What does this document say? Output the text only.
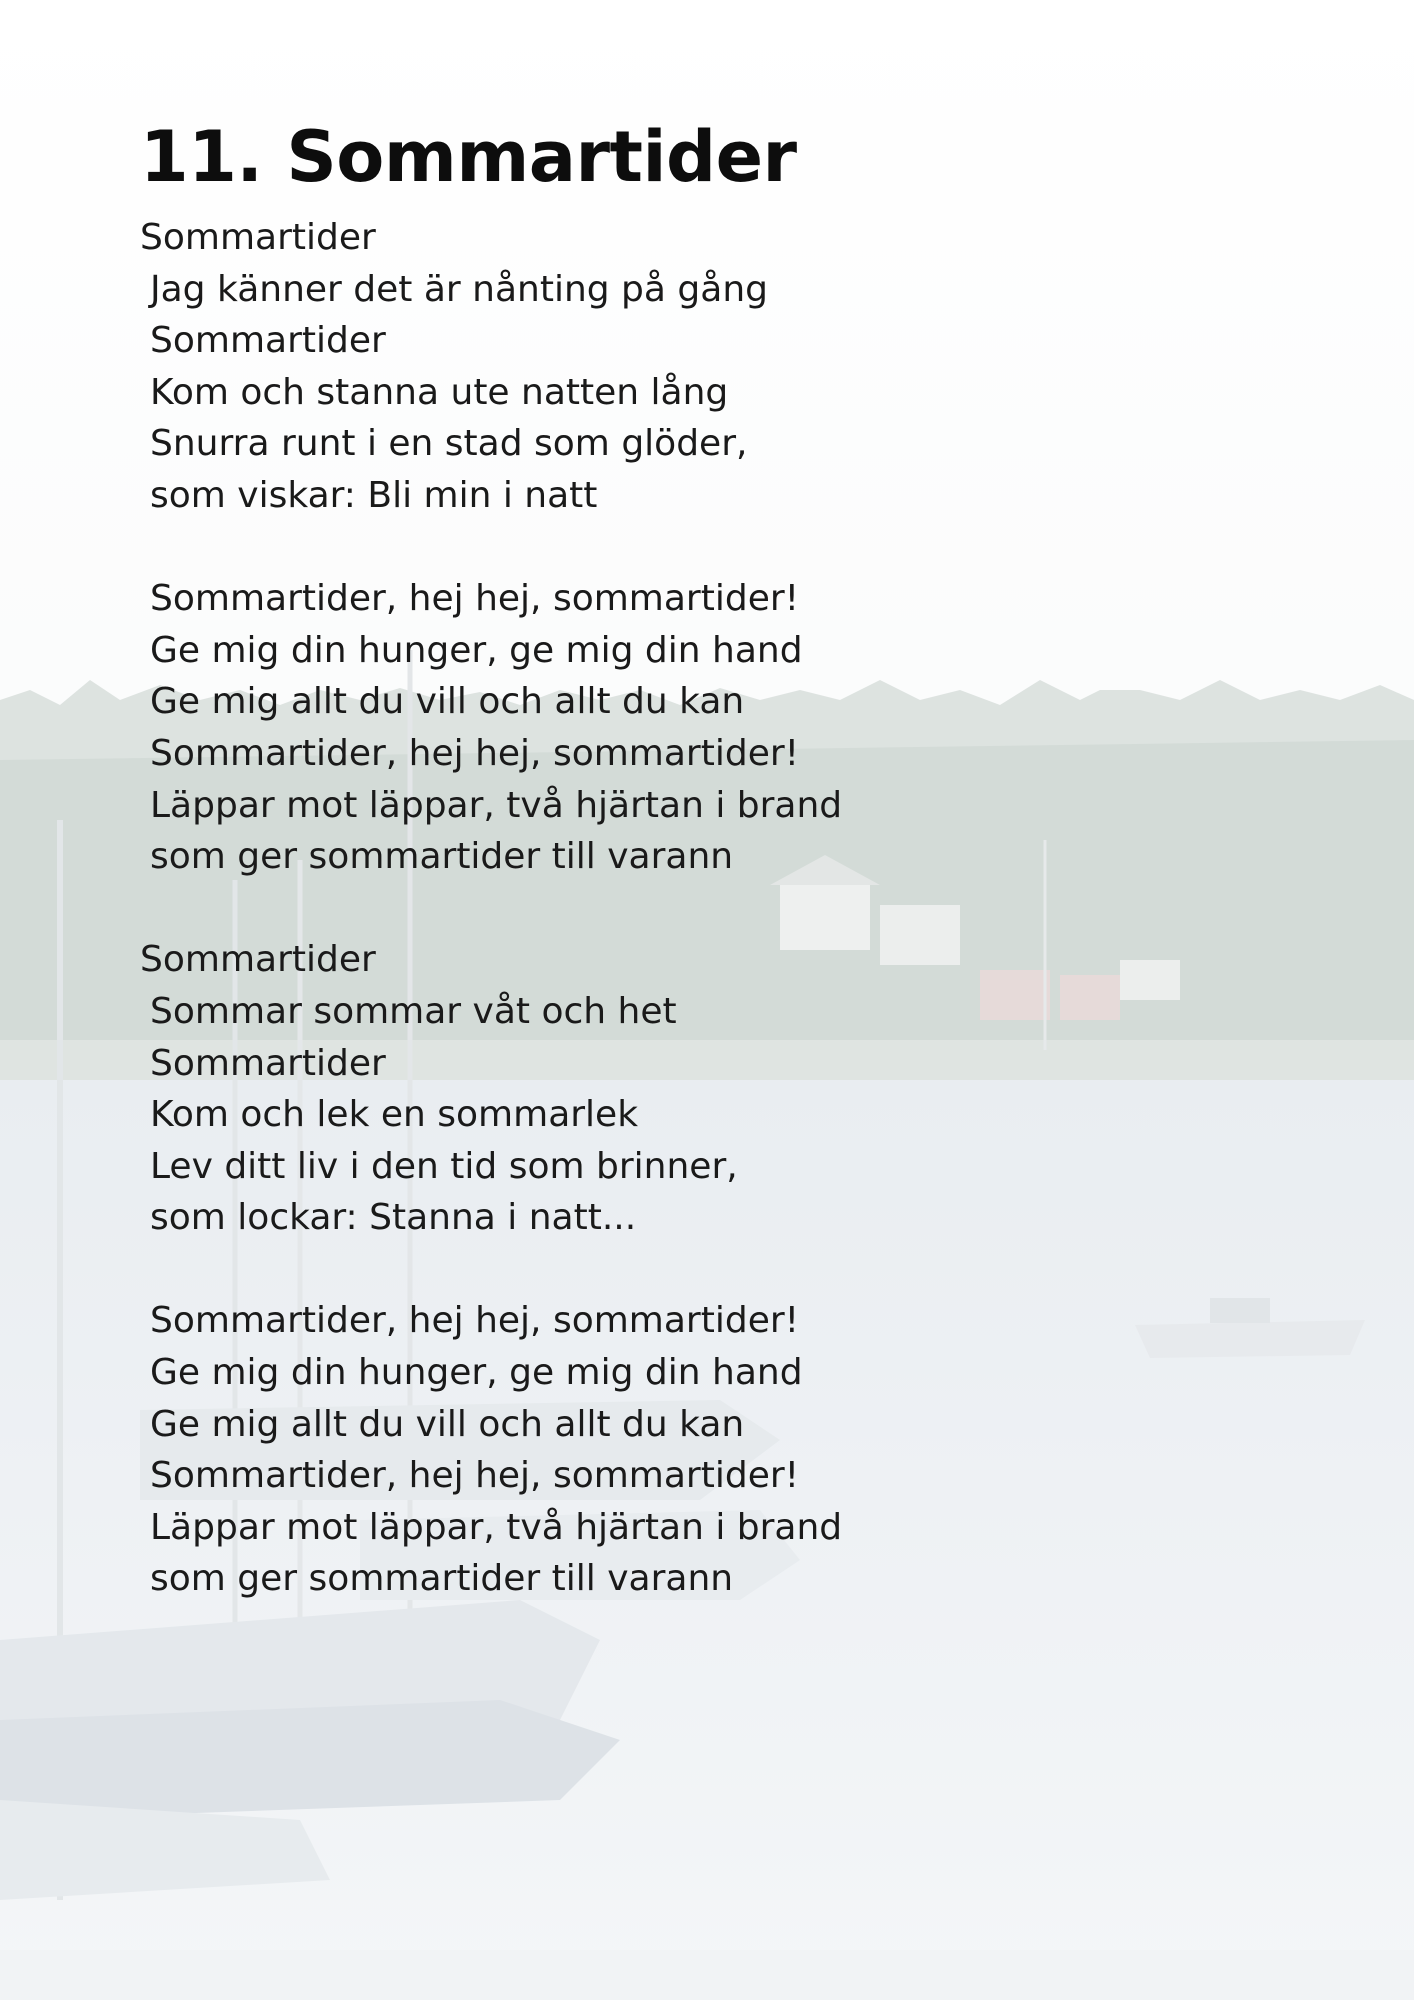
11. Sommartider
Sommartider
Jag känner det är nånting på gång
Sommartider
Kom och stanna ute natten lång
Snurra runt i en stad som glöder,
som viskar: Bli min i natt
Sommartider, hej hej, sommartider!
Ge mig din hunger, ge mig din hand
Ge mig allt du vill och allt du kan
Sommartider, hej hej, sommartider!
Läppar mot läppar, två hjärtan i brand
som ger sommartider till varann
Sommartider
Sommar sommar våt och het
Sommartider
Kom och lek en sommarlek
Lev ditt liv i den tid som brinner,
som lockar: Stanna i natt...
Sommartider, hej hej, sommartider!
Ge mig din hunger, ge mig din hand
Ge mig allt du vill och allt du kan
Sommartider, hej hej, sommartider!
Läppar mot läppar, två hjärtan i brand
som ger sommartider till varann
